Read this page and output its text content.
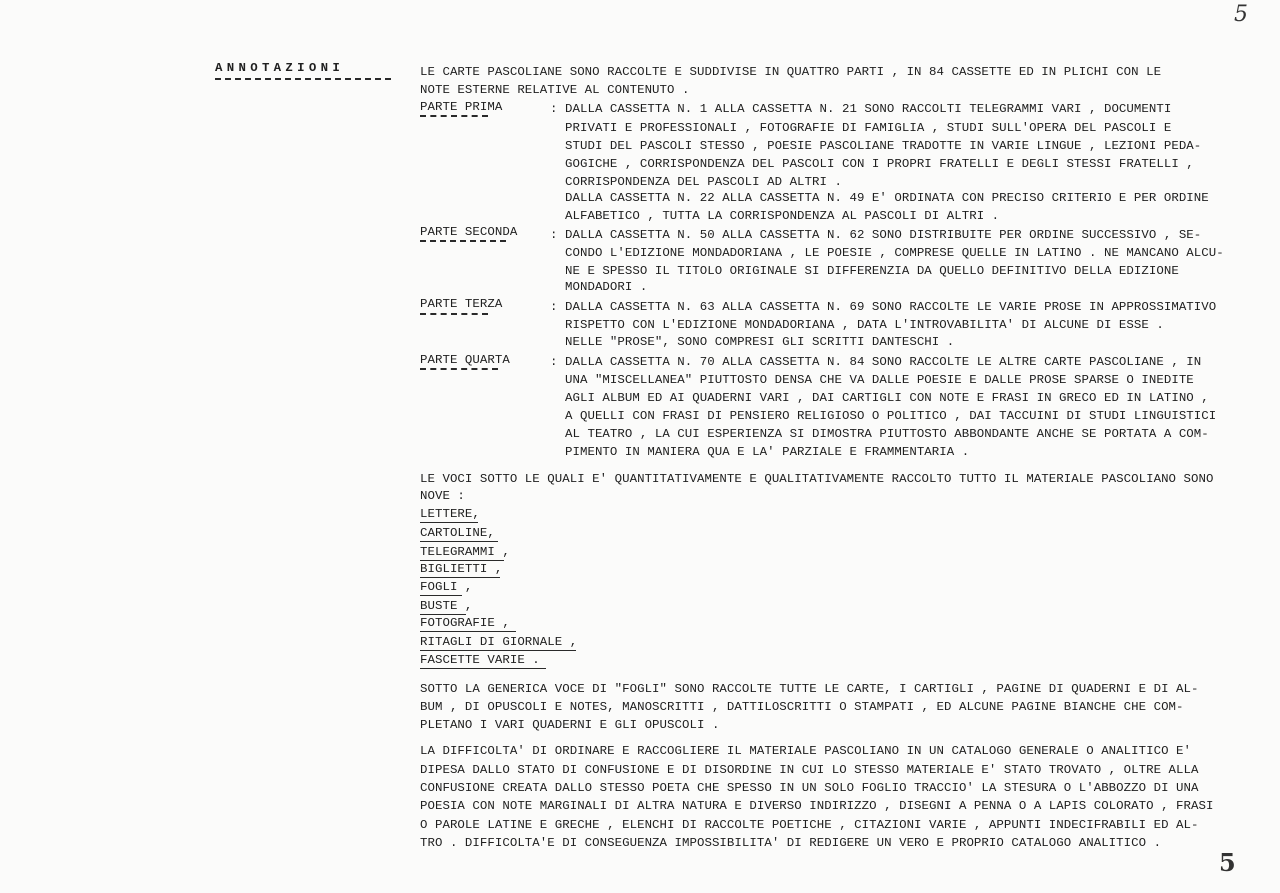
5
5
ANNOTAZIONI	LE CARTE PASCOLIANE SONO RACCOLTE E SUDDIVISE IN QUATTRO PARTI , IN 84 CASSETTE ED IN PLICHI CON LE
NOTE ESTERNE RELATIVE AL CONTENUTO .
PARTE PRIMA	: DALLA CASSETTA N. 1 ALLA CASSETTA N. 21 SONO RACCOLTI TELEGRAMMI VARI , DOCUMENTI
PRIVATI E PROFESSIONALI , FOTOGRAFIE DI FAMIGLIA , STUDI SULL'OPERA DEL PASCOLI E
STUDI DEL PASCOLI STESSO , POESIE PASCOLIANE TRADOTTE IN VARIE LINGUE , LEZIONI PEDA-
GOGICHE , CORRISPONDENZA DEL PASCOLI CON I PROPRI FRATELLI E DEGLI STESSI FRATELLI ,
CORRISPONDENZA DEL PASCOLI AD ALTRI .
DALLA CASSETTA N. 22 ALLA CASSETTA N. 49 E' ORDINATA CON PRECISO CRITERIO E PER ORDINE
ALFABETICO , TUTTA LA CORRISPONDENZA AL PASCOLI DI ALTRI .
PARTE SECONDA	: DALLA CASSETTA N. 50 ALLA CASSETTA N. 62 SONO DISTRIBUITE PER ORDINE SUCCESSIVO , SE-
CONDO L'EDIZIONE MONDADORIANA , LE POESIE , COMPRESE QUELLE IN LATINO . NE MANCANO ALCU-
NE E SPESSO IL TITOLO ORIGINALE SI DIFFERENZIA DA QUELLO DEFINITIVO DELLA EDIZIONE
MONDADORI .
PARTE TERZA	: DALLA CASSETTA N. 63 ALLA CASSETTA N. 69 SONO RACCOLTE LE VARIE PROSE IN APPROSSIMATIVO
RISPETTO CON L'EDIZIONE MONDADORIANA , DATA L'INTROVABILITA' DI ALCUNE DI ESSE .
NELLE "PROSE", SONO COMPRESI GLI SCRITTI DANTESCHI .
PARTE QUARTA	: DALLA CASSETTA N. 70 ALLA CASSETTA N. 84 SONO RACCOLTE LE ALTRE CARTE PASCOLIANE , IN
UNA "MISCELLANEA" PIUTTOSTO DENSA CHE VA DALLE POESIE E DALLE PROSE SPARSE O INEDITE
AGLI ALBUM ED AI QUADERNI VARI , DAI CARTIGLI CON NOTE E FRASI IN GRECO ED IN LATINO ,
A QUELLI CON FRASI DI PENSIERO RELIGIOSO O POLITICO , DAI TACCUINI DI STUDI LINGUISTICI
AL TEATRO , LA CUI ESPERIENZA SI DIMOSTRA PIUTTOSTO ABBONDANTE ANCHE SE PORTATA A COM-
PIMENTO IN MANIERA QUA E LA' PARZIALE E FRAMMENTARIA .
LE VOCI SOTTO LE QUALI E' QUANTITATIVAMENTE E QUALITATIVAMENTE RACCOLTO TUTTO IL MATERIALE PASCOLIANO SONO
NOVE :
LETTERE,
CARTOLINE,
TELEGRAMMI ,
BIGLIETTI ,
FOGLI ,
BUSTE ,
FOTOGRAFIE ,
RITAGLI DI GIORNALE ,
FASCETTE VARIE .
SOTTO LA GENERICA VOCE DI "FOGLI" SONO RACCOLTE TUTTE LE CARTE, I CARTIGLI , PAGINE DI QUADERNI E DI AL-
BUM , DI OPUSCOLI E NOTES, MANOSCRITTI , DATTILOSCRITTI O STAMPATI , ED ALCUNE PAGINE BIANCHE CHE COM-
PLETANO I VARI QUADERNI E GLI OPUSCOLI .
LA DIFFICOLTA' DI ORDINARE E RACCOGLIERE IL MATERIALE PASCOLIANO IN UN CATALOGO GENERALE O ANALITICO E'
DIPESA DALLO STATO DI CONFUSIONE E DI DISORDINE IN CUI LO STESSO MATERIALE E' STATO TROVATO , OLTRE ALLA
CONFUSIONE CREATA DALLO STESSO POETA CHE SPESSO IN UN SOLO FOGLIO TRACCIO' LA STESURA O L'ABBOZZO DI UNA
POESIA CON NOTE MARGINALI DI ALTRA NATURA E DIVERSO INDIRIZZO , DISEGNI A PENNA O A LAPIS COLORATO , FRASI
O PAROLE LATINE E GRECHE , ELENCHI DI RACCOLTE POETICHE , CITAZIONI VARIE , APPUNTI INDECIFRABILI ED AL-
TRO . DIFFICOLTA'E DI CONSEGUENZA IMPOSSIBILITA' DI REDIGERE UN VERO E PROPRIO CATALOGO ANALITICO .
